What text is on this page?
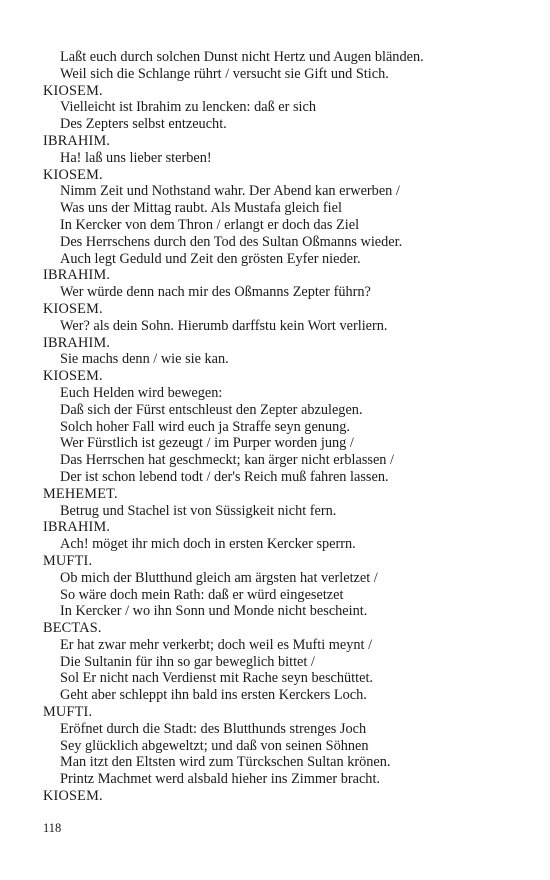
Laßt euch durch solchen Dunst nicht Hertz und Augen bländen.
Weil sich die Schlange rührt / versucht sie Gift und Stich.
KIOSEM.
Vielleicht ist Ibrahim zu lencken: daß er sich
Des Zepters selbst entzeucht.
IBRAHIM.
Ha! laß uns lieber sterben!
KIOSEM.
Nimm Zeit und Nothstand wahr. Der Abend kan erwerben /
Was uns der Mittag raubt. Als Mustafa gleich fiel
In Kercker von dem Thron / erlangt er doch das Ziel
Des Herrschens durch den Tod des Sultan Oßmanns wieder.
Auch legt Geduld und Zeit den grösten Eyfer nieder.
IBRAHIM.
Wer würde denn nach mir des Oßmanns Zepter führn?
KIOSEM.
Wer? als dein Sohn. Hierumb darffstu kein Wort verliern.
IBRAHIM.
Sie machs denn / wie sie kan.
KIOSEM.
Euch Helden wird bewegen:
Daß sich der Fürst entschleust den Zepter abzulegen.
Solch hoher Fall wird euch ja Straffe seyn genung.
Wer Fürstlich ist gezeugt / im Purper worden jung /
Das Herrschen hat geschmeckt; kan ärger nicht erblassen /
Der ist schon lebend todt / der's Reich muß fahren lassen.
MEHEMET.
Betrug und Stachel ist von Süssigkeit nicht fern.
IBRAHIM.
Ach! möget ihr mich doch in ersten Kercker sperrn.
MUFTI.
Ob mich der Blutthund gleich am ärgsten hat verletzet /
So wäre doch mein Rath: daß er würd eingesetzet
In Kercker / wo ihn Sonn und Monde nicht bescheint.
BECTAS.
Er hat zwar mehr verkerbt; doch weil es Mufti meynt /
Die Sultanin für ihn so gar beweglich bittet /
Sol Er nicht nach Verdienst mit Rache seyn beschüttet.
Geht aber schleppt ihn bald ins ersten Kerckers Loch.
MUFTI.
Eröfnet durch die Stadt: des Blutthunds strenges Joch
Sey glücklich abgeweltzt; und daß von seinen Söhnen
Man itzt den Eltsten wird zum Türckschen Sultan krönen.
Printz Machmet werd alsbald hieher ins Zimmer bracht.
KIOSEM.
118
